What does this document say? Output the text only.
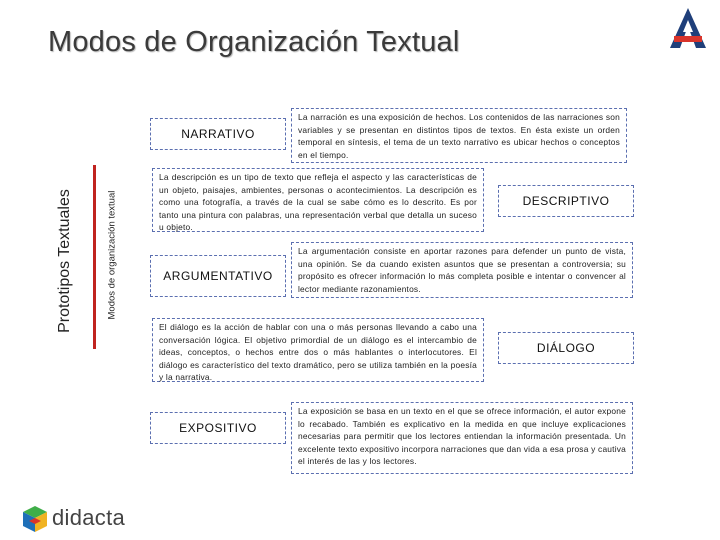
Modos de Organización Textual
Prototipos Textuales	Modos de organización textual
NARRATIVO
La narración es una exposición de hechos. Los contenidos de las narraciones son variables y se presentan en distintos tipos de textos. En ésta existe un orden temporal en síntesis, el tema de un texto narrativo es ubicar hechos o conceptos en el tiempo.
La descripción es un tipo de texto que refleja el aspecto y las características de un objeto, paisajes, ambientes, personas o acontecimientos. La descripción es como una fotografía, a través de la cual se sabe cómo es lo descrito. Es por tanto una pintura con palabras, una representación verbal que detalla un suceso u objeto.
DESCRIPTIVO
ARGUMENTATIVO
La argumentación consiste en aportar razones para defender un punto de vista, una opinión. Se da cuando existen asuntos que se presentan a controversia; su propósito es ofrecer información lo más completa posible e intentar o convencer al lector mediante razonamientos.
El diálogo es la acción de hablar con una o más personas llevando a cabo una conversación lógica. El objetivo primordial de un diálogo es el intercambio de ideas, conceptos, o hechos entre dos o más hablantes o interlocutores. El diálogo es característico del texto dramático, pero se utiliza también en la poesía y la narrativa.
DIÁLOGO
EXPOSITIVO
La exposición se basa en un texto en el que se ofrece información, el autor expone lo recabado. También es explicativo en la medida en que incluye explicaciones necesarias para permitir que los lectores entiendan la información presentada. Un excelente texto expositivo incorpora narraciones que dan vida a esa prosa y cautiva el interés de las y los lectores.
didacta
